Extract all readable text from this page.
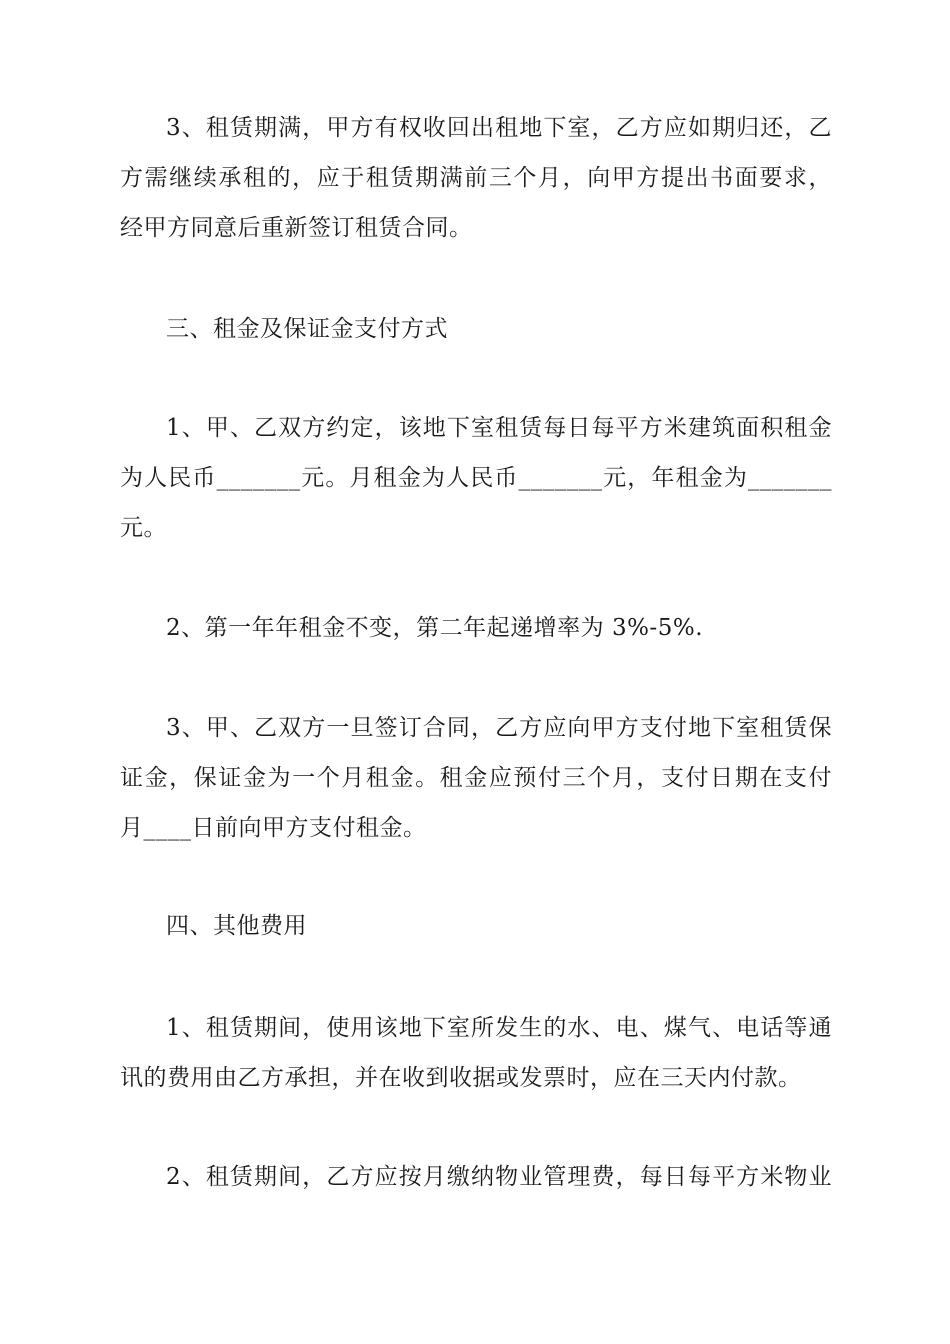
3、租赁期满，甲方有权收回出租地下室，乙方应如期归还，乙
方需继续承租的，应于租赁期满前三个月，向甲方提出书面要求，
经甲方同意后重新签订租赁合同。
三、租金及保证金支付方式
1、甲、乙双方约定，该地下室租赁每日每平方米建筑面积租金
为人民币_______元。月租金为人民币_______元，年租金为_______
元。
2、第一年年租金不变，第二年起递增率为 3%-5%.
3、甲、乙双方一旦签订合同，乙方应向甲方支付地下室租赁保
证金，保证金为一个月租金。租金应预付三个月，支付日期在支付
月____日前向甲方支付租金。
四、其他费用
1、租赁期间，使用该地下室所发生的水、电、煤气、电话等通
讯的费用由乙方承担，并在收到收据或发票时，应在三天内付款。
2、租赁期间，乙方应按月缴纳物业管理费，每日每平方米物业
